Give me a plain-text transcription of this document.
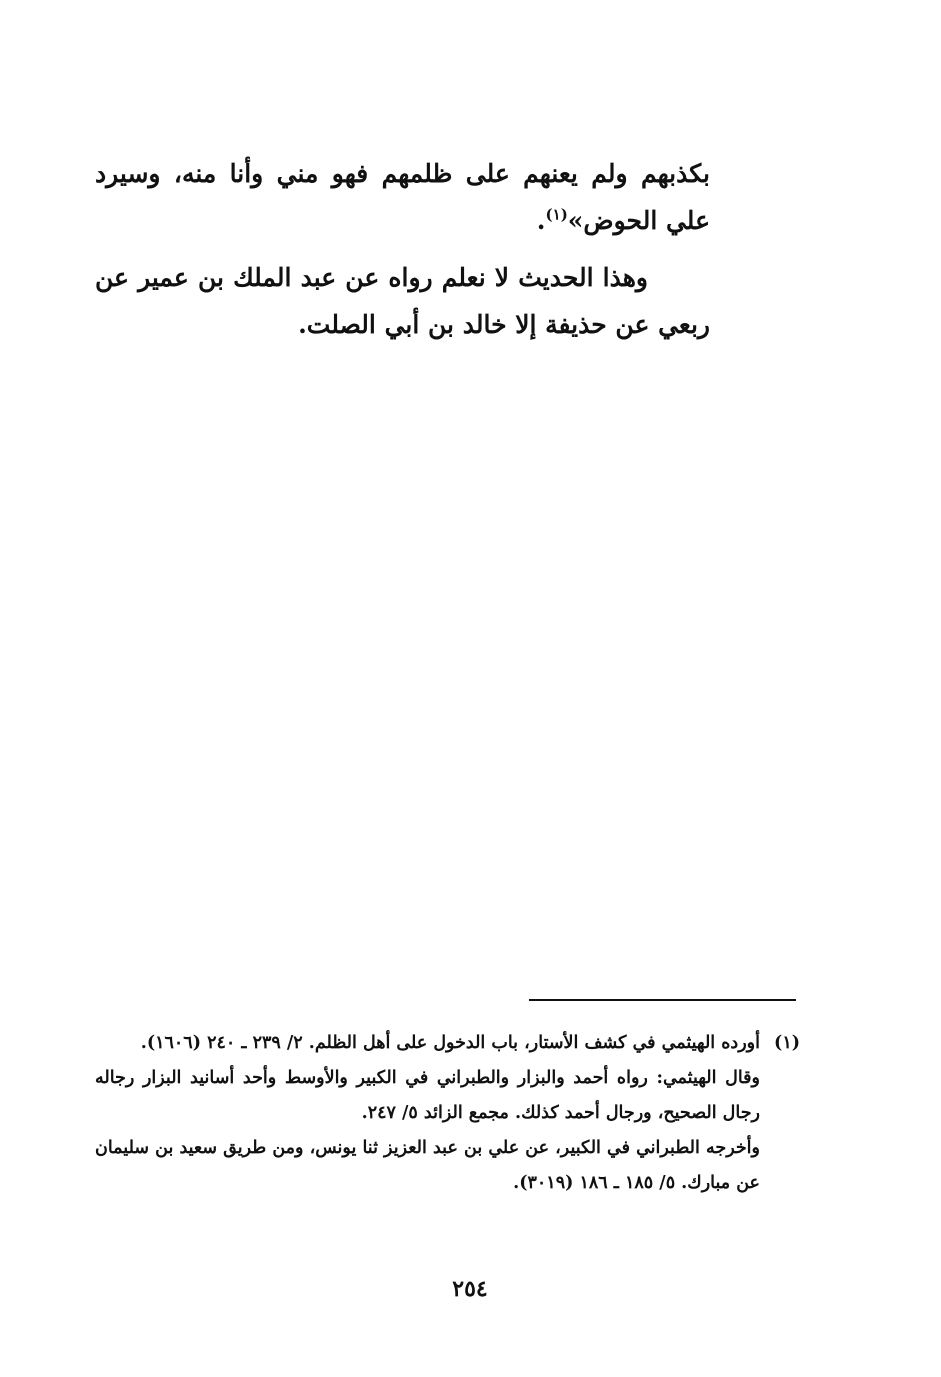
بكذبهم ولم يعنهم على ظلمهم فهو مني وأنا منه، وسيرد علي الحوض»$^{(١)}$.

وهذا الحديث لا نعلم رواه عن عبد الملك بن عمير عن ربعي عن حذيفة إلا خالد بن أبي الصلت.

(١)
أورده الهيثمي في كشف الأستار، باب الدخول على أهل الظلم. ٢/ ٢٣٩ ـ ٢٤٠ (١٦٠٦).
وقال الهيثمي: رواه أحمد والبزار والطبراني في الكبير والأوسط وأحد أسانيد البزار رجاله رجال الصحيح، ورجال أحمد كذلك. مجمع الزائد ٥/ ٢٤٧.
وأخرجه الطبراني في الكبير، عن علي بن عبد العزيز ثنا يونس، ومن طريق سعيد بن سليمان عن مبارك. ٥/ ١٨٥ ـ ١٨٦ (٣٠١٩).
٢٥٤
